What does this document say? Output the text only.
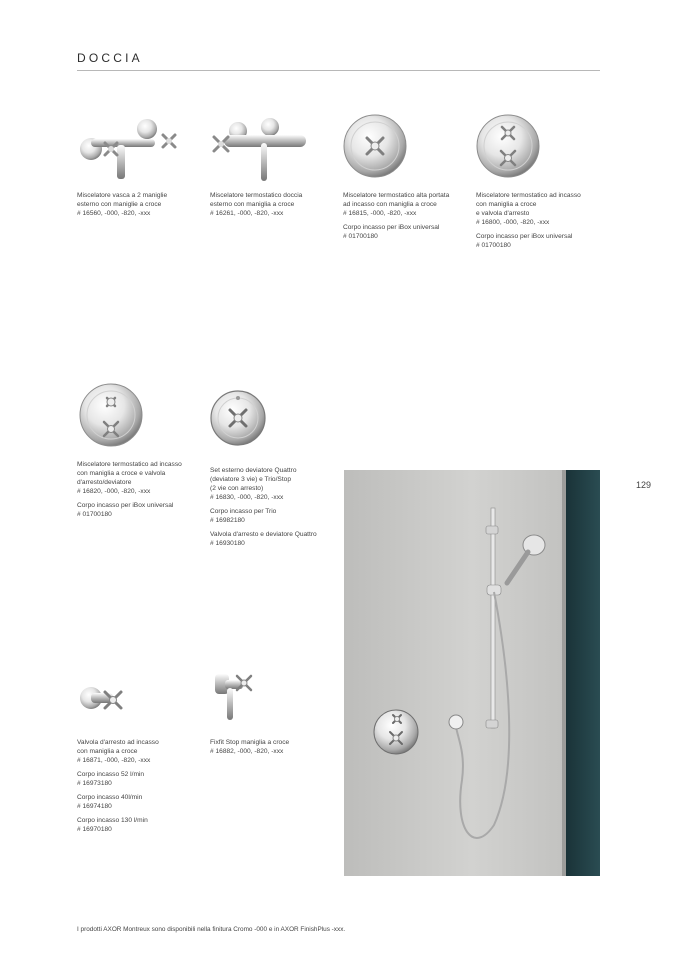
DOCCIA
Miscelatore vasca a 2 maniglie
esterno con maniglie a croce
# 16560, -000, -820, -xxx
Miscelatore termostatico doccia
esterno con maniglia a croce
# 16261, -000, -820, -xxx
Miscelatore termostatico alta portata
ad incasso con maniglia a croce
# 16815, -000, -820, -xxx
Corpo incasso per iBox universal
# 01700180
Miscelatore termostatico ad incasso
con maniglia a croce
e valvola d'arresto
# 16800, -000, -820, -xxx
Corpo incasso per iBox universal
# 01700180
Miscelatore termostatico ad incasso
con maniglia a croce e valvola
d'arresto/deviatore
# 16820, -000, -820, -xxx
Corpo incasso per iBox universal
# 01700180
Set esterno deviatore Quattro
(deviatore 3 vie) e Trio/Stop
(2 vie con arresto)
# 16830, -000, -820, -xxx
Corpo incasso per Trio
# 16982180
Valvola d'arresto e deviatore Quattro
# 16930180
Valvola d'arresto ad incasso
con maniglia a croce
# 16871, -000, -820, -xxx
Corpo incasso 52 l/min
# 16973180
Corpo incasso 40l/min
# 16974180
Corpo incasso 130 l/min
# 16970180
Fixfit Stop maniglia a croce
# 16882, -000, -820, -xxx
129
I prodotti AXOR Montreux sono disponibili nella finitura Cromo -000 e in AXOR FinishPlus -xxx.
